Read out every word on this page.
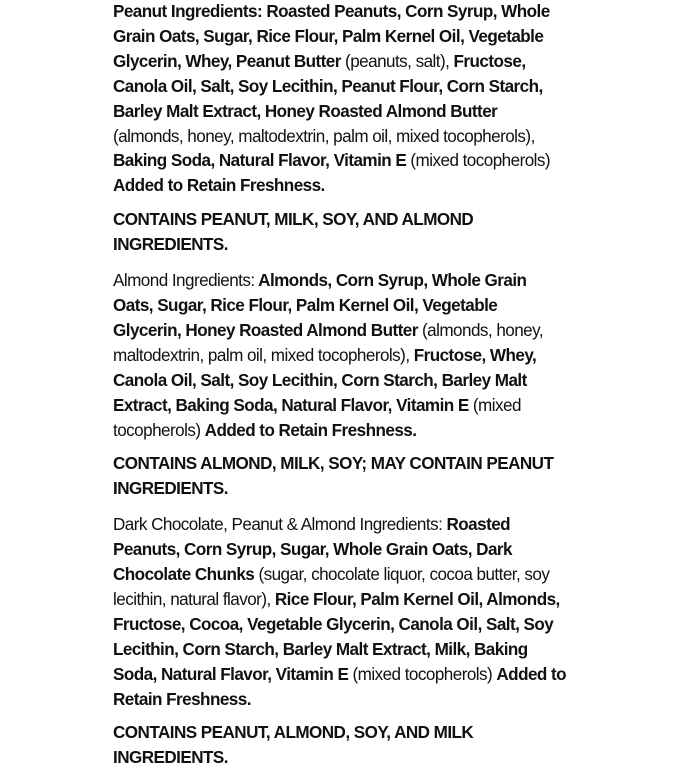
Peanut Ingredients: Roasted Peanuts, Corn Syrup, Whole Grain Oats, Sugar, Rice Flour, Palm Kernel Oil, Vegetable Glycerin, Whey, Peanut Butter (peanuts, salt), Fructose, Canola Oil, Salt, Soy Lecithin, Peanut Flour, Corn Starch, Barley Malt Extract, Honey Roasted Almond Butter (almonds, honey, maltodextrin, palm oil, mixed tocopherols), Baking Soda, Natural Flavor, Vitamin E (mixed tocopherols) Added to Retain Freshness.

CONTAINS PEANUT, MILK, SOY, AND ALMOND INGREDIENTS.

Almond Ingredients: Almonds, Corn Syrup, Whole Grain Oats, Sugar, Rice Flour, Palm Kernel Oil, Vegetable Glycerin, Honey Roasted Almond Butter (almonds, honey, maltodextrin, palm oil, mixed tocopherols), Fructose, Whey, Canola Oil, Salt, Soy Lecithin, Corn Starch, Barley Malt Extract, Baking Soda, Natural Flavor, Vitamin E (mixed tocopherols) Added to Retain Freshness.

CONTAINS ALMOND, MILK, SOY; MAY CONTAIN PEANUT INGREDIENTS.

Dark Chocolate, Peanut & Almond Ingredients: Roasted Peanuts, Corn Syrup, Sugar, Whole Grain Oats, Dark Chocolate Chunks (sugar, chocolate liquor, cocoa butter, soy lecithin, natural flavor), Rice Flour, Palm Kernel Oil, Almonds, Fructose, Cocoa, Vegetable Glycerin, Canola Oil, Salt, Soy Lecithin, Corn Starch, Barley Malt Extract, Milk, Baking Soda, Natural Flavor, Vitamin E (mixed tocopherols) Added to Retain Freshness.

CONTAINS PEANUT, ALMOND, SOY, AND MILK INGREDIENTS.
